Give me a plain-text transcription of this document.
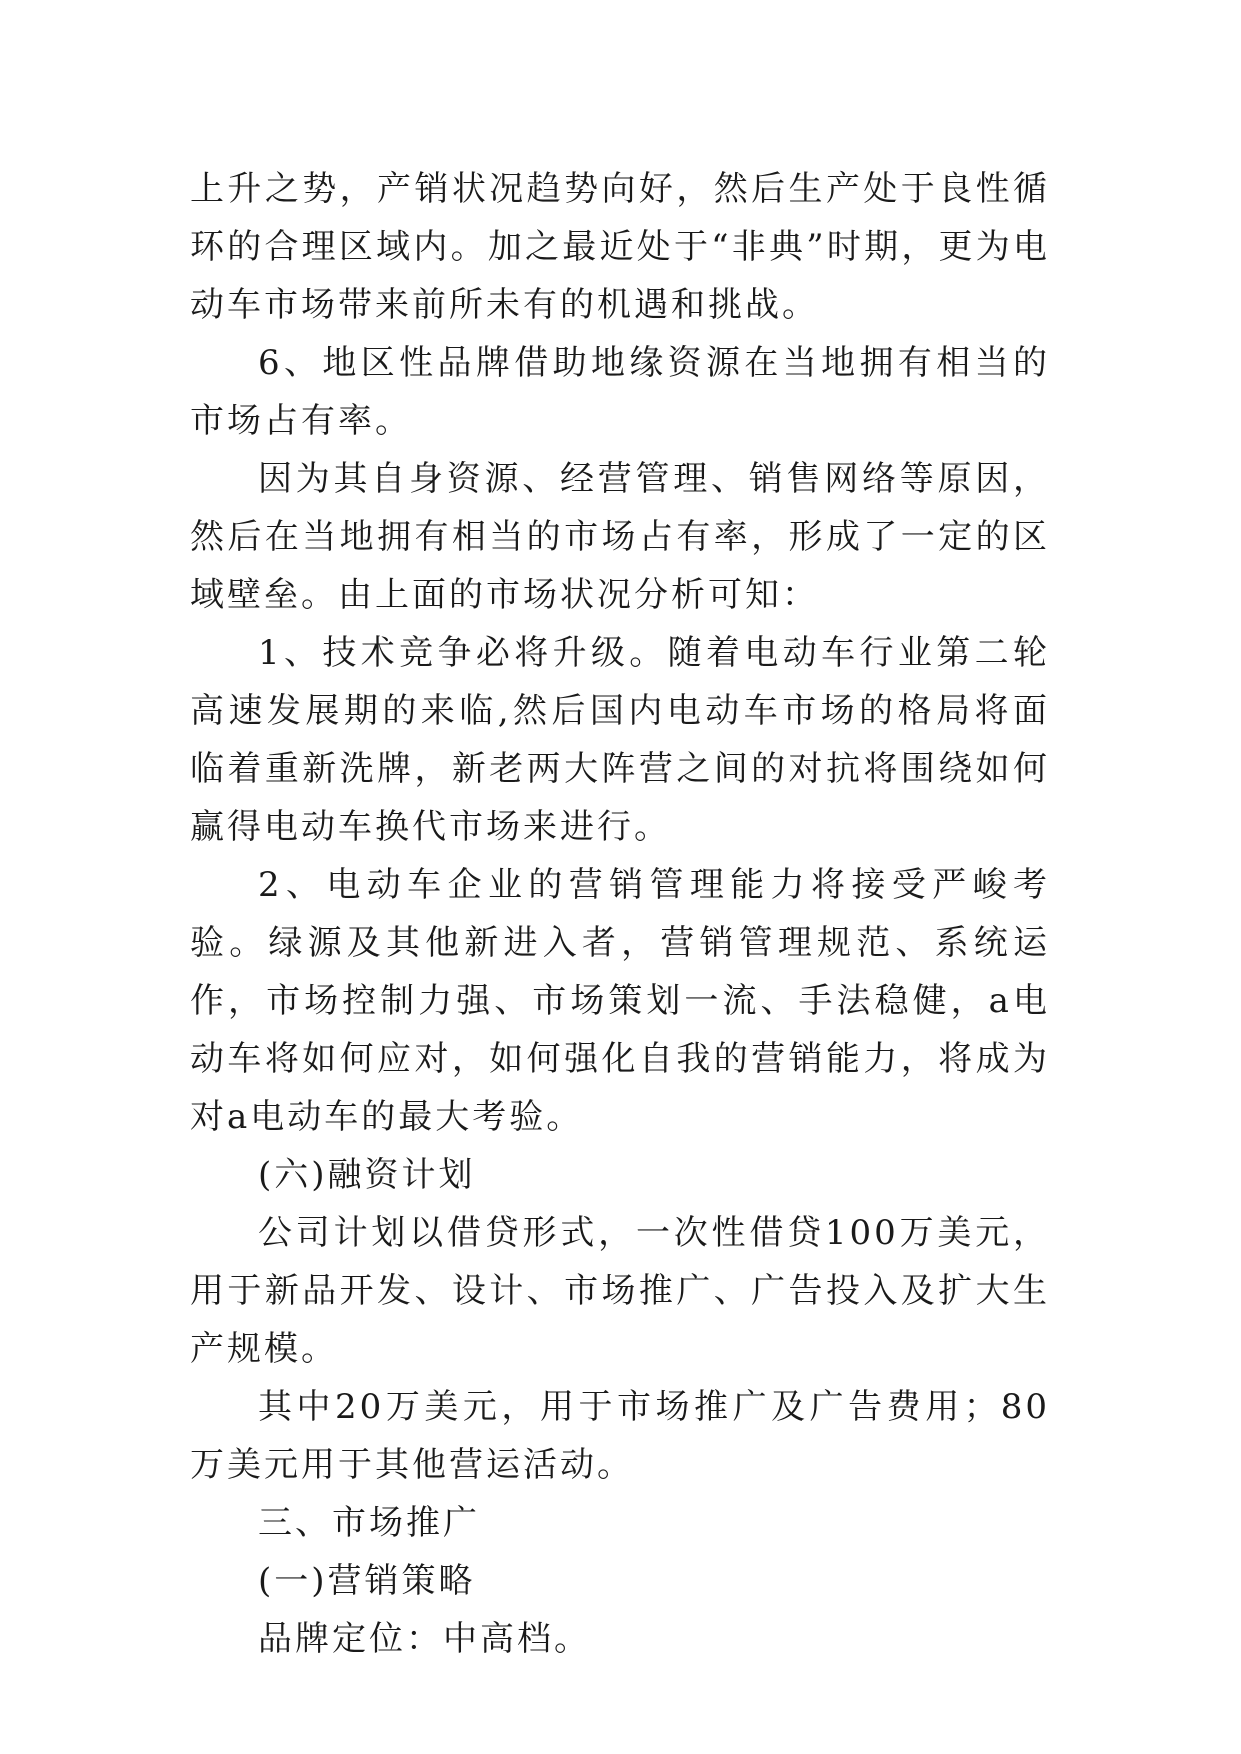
上升之势，产销状况趋势向好，然后生产处于良性循环的合理区域内。加之最近处于“非典”时期，更为电动车市场带来前所未有的机遇和挑战。

6、地区性品牌借助地缘资源在当地拥有相当的市场占有率。

因为其自身资源、经营管理、销售网络等原因，然后在当地拥有相当的市场占有率，形成了一定的区域壁垒。由上面的市场状况分析可知：

1、技术竞争必将升级。随着电动车行业第二轮高速发展期的来临,然后国内电动车市场的格局将面临着重新洗牌，新老两大阵营之间的对抗将围绕如何赢得电动车换代市场来进行。

2、电动车企业的营销管理能力将接受严峻考验。绿源及其他新进入者，营销管理规范、系统运作，市场控制力强、市场策划一流、手法稳健，a电动车将如何应对，如何强化自我的营销能力，将成为对a电动车的最大考验。

(六)融资计划

公司计划以借贷形式，一次性借贷100万美元，用于新品开发、设计、市场推广、广告投入及扩大生产规模。

其中20万美元，用于市场推广及广告费用；80万美元用于其他营运活动。

三、市场推广

(一)营销策略

品牌定位：中高档。
